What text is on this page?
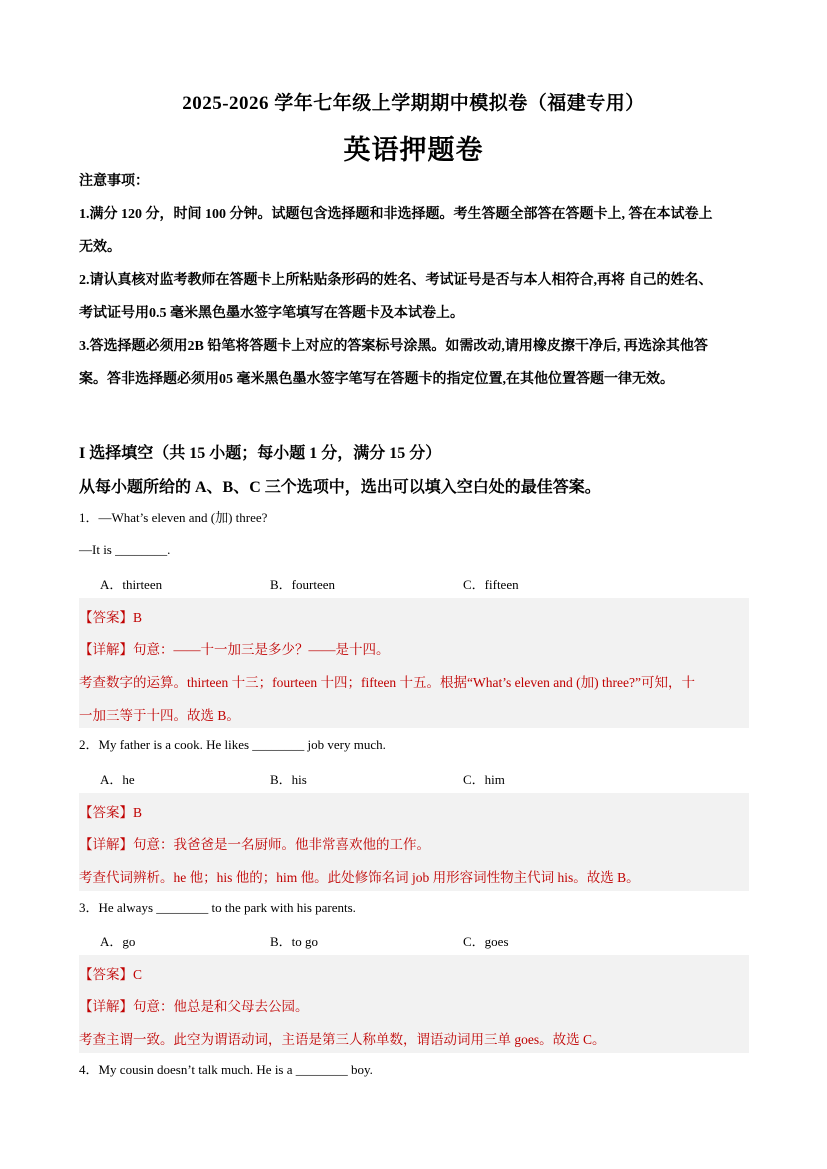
2025-2026 学年七年级上学期期中模拟卷（福建专用）
英语押题卷

注意事项：

1.满分 120 分，时间 100 分钟。试题包含选择题和非选择题。考生答题全部答在答题卡上, 答在本试卷上

无效。

2.请认真核对监考教师在答题卡上所粘贴条形码的姓名、考试证号是否与本人相符合,再将 自己的姓名、

考试证号用0.5 毫米黑色墨水签字笔填写在答题卡及本试卷上。

3.答选择题必须用2B 铅笔将答题卡上对应的答案标号涂黑。如需改动,请用橡皮擦干净后, 再选涂其他答

案。答非选择题必须用05 毫米黑色墨水签字笔写在答题卡的指定位置,在其他位置答题一律无效。

I 选择填空（共 15 小题；每小题 1 分，满分 15 分）
从每小题所给的 A、B、C 三个选项中，选出可以填入空白处的最佳答案。
1．—What’s eleven and (加) three?
—It is ________.
A．thirteen	B．fourteen	C．fifteen
【答案】B
【详解】句意：——十一加三是多少？——是十四。
考查数字的运算。thirteen 十三；fourteen 十四；fifteen 十五。根据“What’s eleven and (加) three?”可知，十
一加三等于十四。故选 B。
2．My father is a cook. He likes ________ job very much.
A．he	B．his	C．him
【答案】B
【详解】句意：我爸爸是一名厨师。他非常喜欢他的工作。
考查代词辨析。he 他；his 他的；him 他。此处修饰名词 job 用形容词性物主代词 his。故选 B。
3．He always ________ to the park with his parents.
A．go	B．to go	C．goes
【答案】C
【详解】句意：他总是和父母去公园。
考查主谓一致。此空为谓语动词，主语是第三人称单数，谓语动词用三单 goes。故选 C。
4．My cousin doesn’t talk much. He is a ________ boy.
